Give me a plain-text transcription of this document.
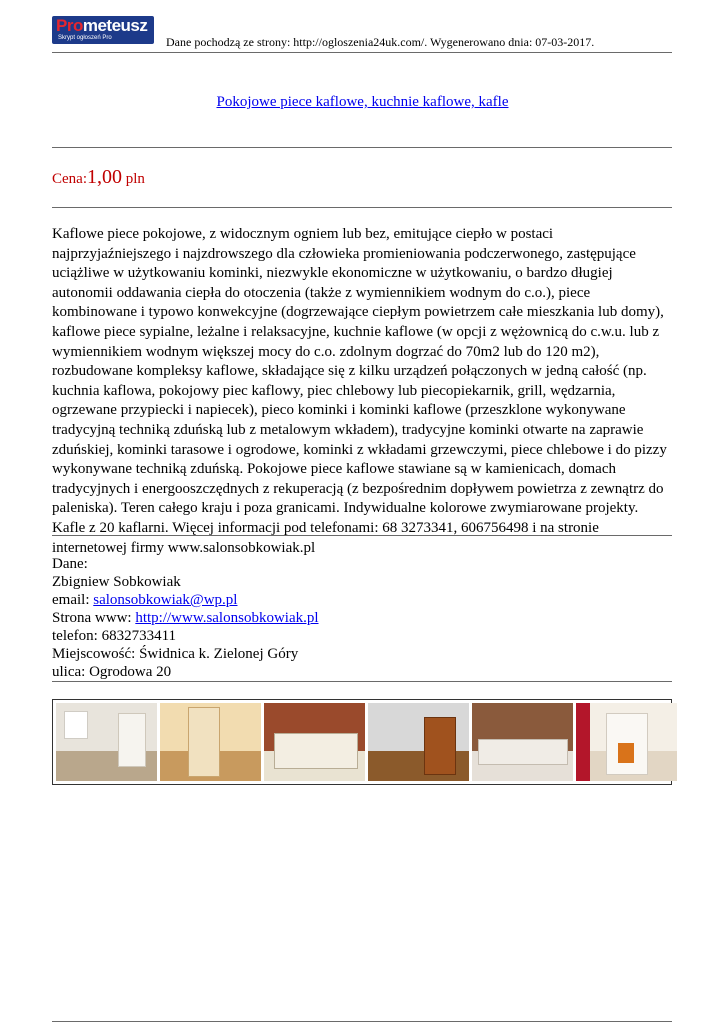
Prometeusz
Skrypt ogłoszeń Pro	Dane pochodzą ze strony: http://ogloszenia24uk.com/. Wygenerowano dnia: 07-03-2017.
Pokojowe piece kaflowe, kuchnie kaflowe, kafle
Cena:1,00 pln
Kaflowe piece pokojowe, z widocznym ogniem lub bez, emitujące ciepło w postaci najprzyjaźniejszego i najzdrowszego dla człowieka promieniowania podczerwonego, zastępujące uciążliwe w użytkowaniu kominki, niezwykle ekonomiczne w użytkowaniu, o bardzo długiej autonomii oddawania ciepła do otoczenia (także z wymiennikiem wodnym do c.o.), piece kombinowane i typowo konwekcyjne (dogrzewające ciepłym powietrzem całe mieszkania lub domy), kaflowe piece sypialne, leżalne i relaksacyjne, kuchnie kaflowe (w opcji z wężownicą do c.w.u. lub z wymiennikiem wodnym większej mocy do c.o. zdolnym dogrzać do 70m2 lub do 120 m2), rozbudowane kompleksy kaflowe, składające się z kilku urządzeń połączonych w jedną całość (np. kuchnia kaflowa, pokojowy piec kaflowy, piec chlebowy lub piecopiekarnik, grill, wędzarnia, ogrzewane przypiecki i napiecek), pieco kominki i kominki kaflowe (przeszklone wykonywane tradycyjną techniką zduńską lub z metalowym wkładem), tradycyjne kominki otwarte na zaprawie zduńskiej, kominki tarasowe i ogrodowe, kominki z wkładami grzewczymi, piece chlebowe i do pizzy wykonywane techniką zduńską. Pokojowe piece kaflowe stawiane są w kamienicach, domach tradycyjnych i energooszczędnych z rekuperacją (z bezpośrednim dopływem powietrza z zewnątrz do paleniska). Teren całego kraju i poza granicami. Indywidualne kolorowe zwymiarowane projekty. Kafle z 20 kaflarni. Więcej informacji pod telefonami: 68 3273341, 606756498 i na stronie internetowej firmy www.salonsobkowiak.pl
Dane:
Zbigniew Sobkowiak
email: salonsobkowiak@wp.pl
Strona www: http://www.salonsobkowiak.pl
telefon: 6832733411
Miejscowość: Świdnica k. Zielonej Góry
ulica: Ogrodowa 20
